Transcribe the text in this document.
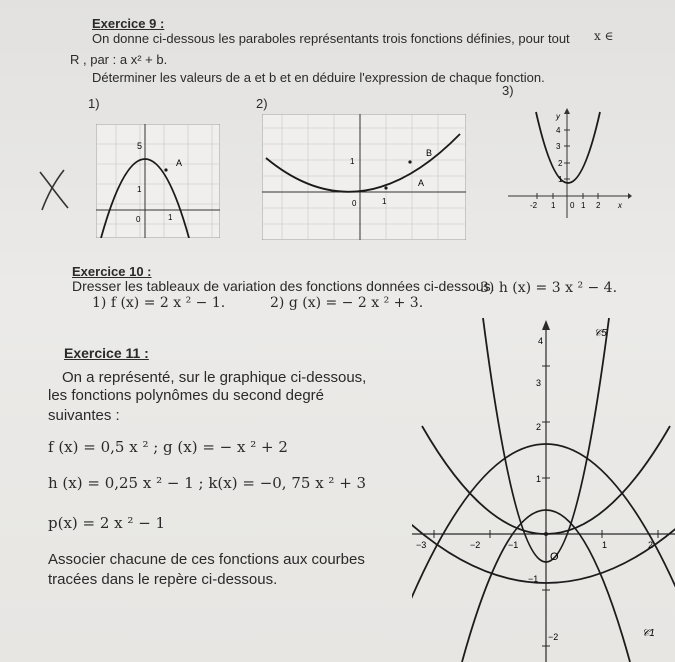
Exercice 9 :
On donne ci-dessous les paraboles représentants trois fonctions définies, pour tout x ∈
R , par : a x² + b.
Déterminer les valeurs de a et b et en déduire l'expression de chaque fonction.
1)	2)
3)
5
1
0	1
A	1
0	1
A
B
y
4
3
2
1
-2 1 0 1 2 x
Exercice 10 :
Dresser les tableaux de variation des fonctions données ci-dessous.
1) f (x) = 2 x ² − 1.	2) g (x) = − 2 x ² + 3.
3) h (x) = 3 x ² − 4.
Exercice 11 :
On a représenté, sur le graphique ci-dessous,
les fonctions polynômes du second degré
suivantes :
f (x) = 0,5 x ² ; g (x) = − x ² + 2
h (x) = 0,25 x ² − 1 ; k(x) = −0, 75 x ² + 3
p(x) = 2 x ² − 1
Associer chacune de ces fonctions aux courbes
tracées dans le repère ci-dessous.
4
3
2
1
−1
−2
−3	−2	−1
O
1	2
𝒞5
𝒞1
